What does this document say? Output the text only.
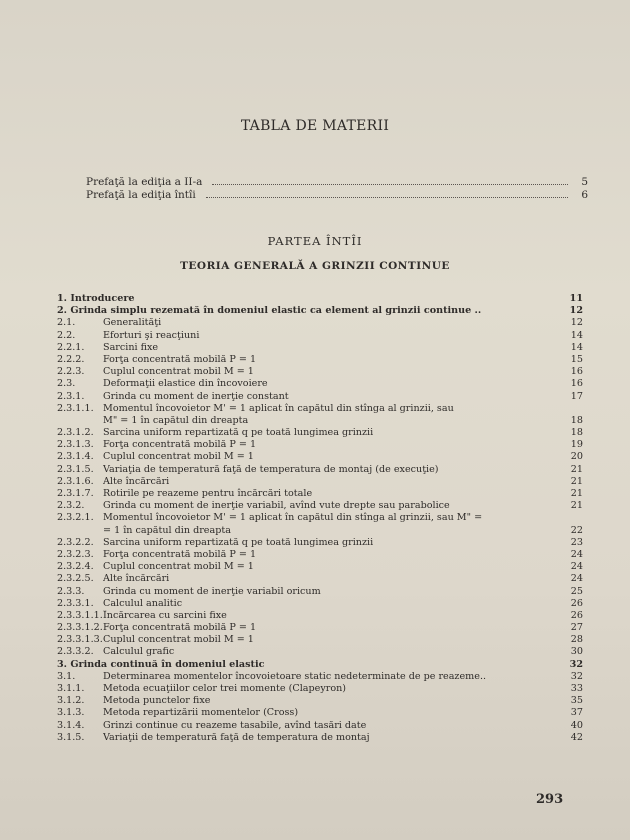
TABLA DE MATERII
Prefaţă la ediţia a II-a	5
Prefaţă la ediţia întîi	6
PARTEA ÎNTÎI
TEORIA GENERALĂ A GRINZII CONTINUE
1. Introducere	11
2. Grinda simplu rezemată în domeniul elastic ca element al grinzii continue ..	12
2.1.	Generalităţi	12
2.2.	Eforturi şi reacţiuni	14
2.2.1. Sarcini fixe	14
2.2.2. Forţa concentrată mobilă P = 1	15
2.2.3. Cuplul concentrat mobil M = 1	16
2.3.	Deformaţii elastice din încovoiere	16
2.3.1. Grinda cu moment de inerţie constant	17
2.3.1.1. Momentul încovoietor M' = 1 aplicat în capătul din stînga al grinzii, sau
M" = 1 în capătul din dreapta	18
2.3.1.2. Sarcina uniform repartizată q pe toată lungimea grinzii	18
2.3.1.3. Forţa concentrată mobilă P = 1	19
2.3.1.4. Cuplul concentrat mobil M = 1	20
2.3.1.5. Variaţia de temperatură faţă de temperatura de montaj (de execuţie)	21
2.3.1.6. Alte încărcări	21
2.3.1.7. Rotirile pe reazeme pentru încărcări totale	21
2.3.2. Grinda cu moment de inerţie variabil, avînd vute drepte sau parabolice	21
2.3.2.1. Momentul încovoietor M' = 1 aplicat în capătul din stînga al grinzii, sau M" =
= 1 în capătul din dreapta	22
2.3.2.2. Sarcina uniform repartizată q pe toată lungimea grinzii	23
2.3.2.3. Forţa concentrată mobilă P = 1	24
2.3.2.4. Cuplul concentrat mobil M = 1	24
2.3.2.5. Alte încărcări	24
2.3.3. Grinda cu moment de inerţie variabil oricum	25
2.3.3.1. Calculul analitic	26
2.3.3.1.1. Încărcarea cu sarcini fixe	26
2.3.3.1.2. Forţa concentrată mobilă P = 1	27
2.3.3.1.3. Cuplul concentrat mobil M = 1	28
2.3.3.2. Calculul grafic	30
3. Grinda continuă în domeniul elastic	32
3.1.	Determinarea momentelor încovoietoare static nedeterminate de pe reazeme..	32
3.1.1. Metoda ecuaţiilor celor trei momente (Clapeyron)	33
3.1.2. Metoda punctelor fixe	35
3.1.3. Metoda repartizării momentelor (Cross)	37
3.1.4. Grinzi continue cu reazeme tasabile, avînd tasări date	40
3.1.5. Variaţii de temperatură faţă de temperatura de montaj	42
293
